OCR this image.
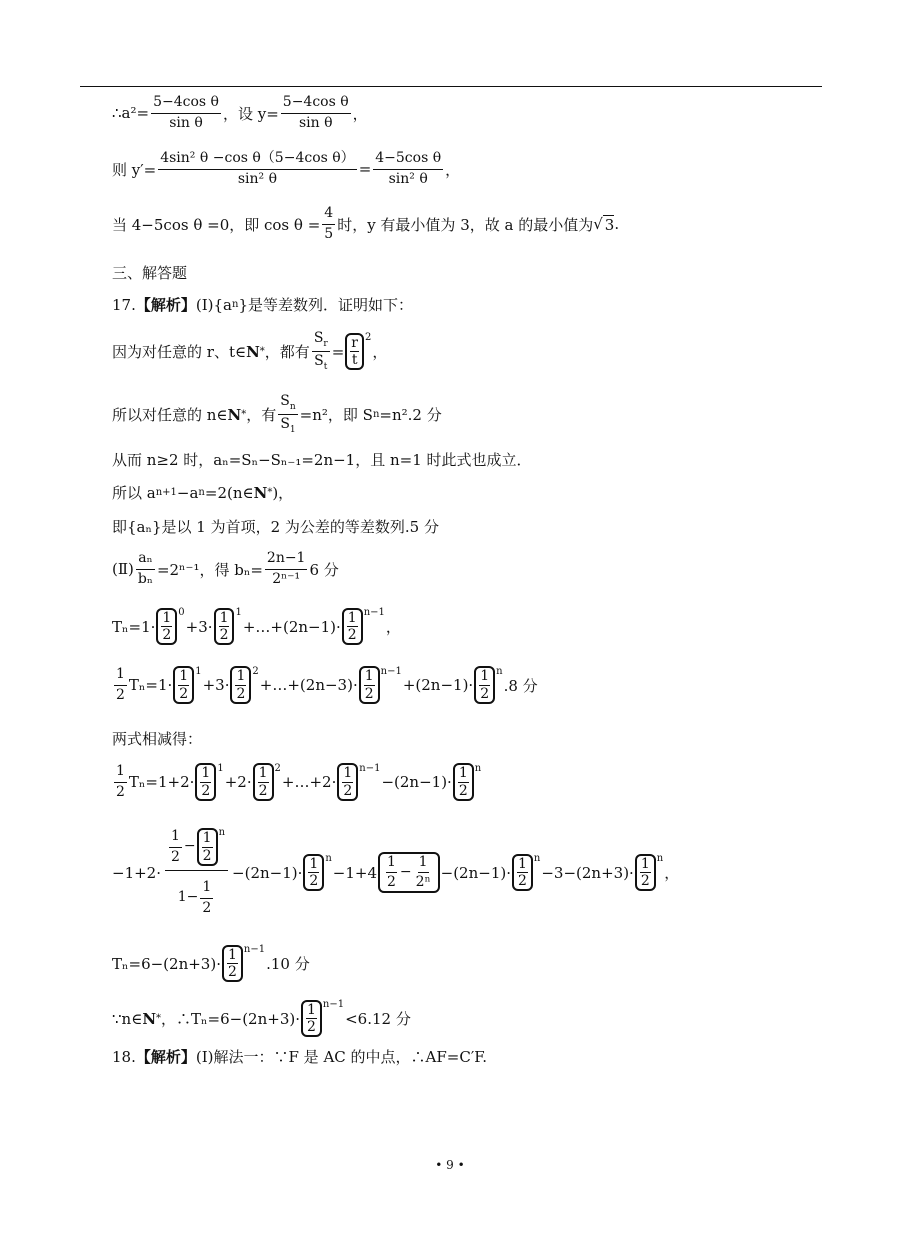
∴a²= $\frac{\text{5−4cos θ}}{\text{sin θ}}$ ，设 $y= \frac{\text{5−4cos θ}}{\text{sin θ}}$ ，
则 $y'= \frac{\text{4sin² θ −cos θ（5−4cos θ）}}{\text{sin² θ}} = \frac{\text{4−5cos θ}}{\text{sin² θ}}$ ，
当 4−5cos θ =0，即 $\cos \theta = \frac{4}{5}$ 时，y 有最小值为 3，故 a 的最小值为 √ 3 .
三、解答题
17. 【解析】 (Ⅰ){a n }是等差数列．证明如下：
因为对任意的 r、t∈ N * ，都有 $\frac{S_r}{S_t} = \frac{r}{t}^2$
，
所以对任意的 n∈ N * ，有 $\frac{S_n}{S_1} =n^2$，即 S n =n².2 分
从而 n≥2 时，aₙ=Sₙ−Sₙ₋₁=2n−1，且 n=1 时此式也成立．
所以 a n+1 −a n =2(n∈ N * )，
即{aₙ}是以 1 为首项，2 为公差的等差数列.5 分
(Ⅱ) $\frac{\text{aₙ}}{\text{bₙ}} =2^{n-1}$，得 $b_n= \frac{2n-1}{\text{2ⁿ⁻¹}} 6$ 分
$T_n=1\cdot \frac{1}{2}^0$
$+3\cdot \frac{1}{2}^1$
+…+(2n−1)· $\frac{1}{2}^{n-1}$
，
$\frac{1}{2} T_n=1\cdot \frac{1}{2}^1$
$+3\cdot \frac{1}{2}^2$
+…+(2n−3)· $\frac{1}{2}^{n-1}$
$+(2n-1)\cdot \frac{1}{2}^n$
.8 分
两式相减得：
$\frac{1}{2} T_n=1+2\cdot \frac{1}{2}^1$
$+2\cdot \frac{1}{2}^2$
+…+2· $\frac{1}{2}^{n-1}$
$-(2n-1)\cdot \frac{1}{2}^n$
$-1+2\cdot \frac{\frac{1}{2} - \frac{1}{2}^n}{1- \frac{1}{2}} -(2n-1)\cdot \frac{1}{2}^n$
$-1+4 \frac{1}{2} - \frac{1}{\text{2ⁿ}} -(2n-1)\cdot \frac{1}{2}^n$
$-3-(2n+3)\cdot \frac{1}{2}^n$
，
$T_n=6-(2n+3)\cdot \frac{1}{2}^{n-1}$
.10 分
∵n∈ N * ，∴Tₙ=6−(2n+3)· $\frac{1}{2}^{n-1}$
<6.12 分
18. 【解析】 (Ⅰ)解法一：∵F 是 AC 的中点，∴AF=C′F.
• 9 •
